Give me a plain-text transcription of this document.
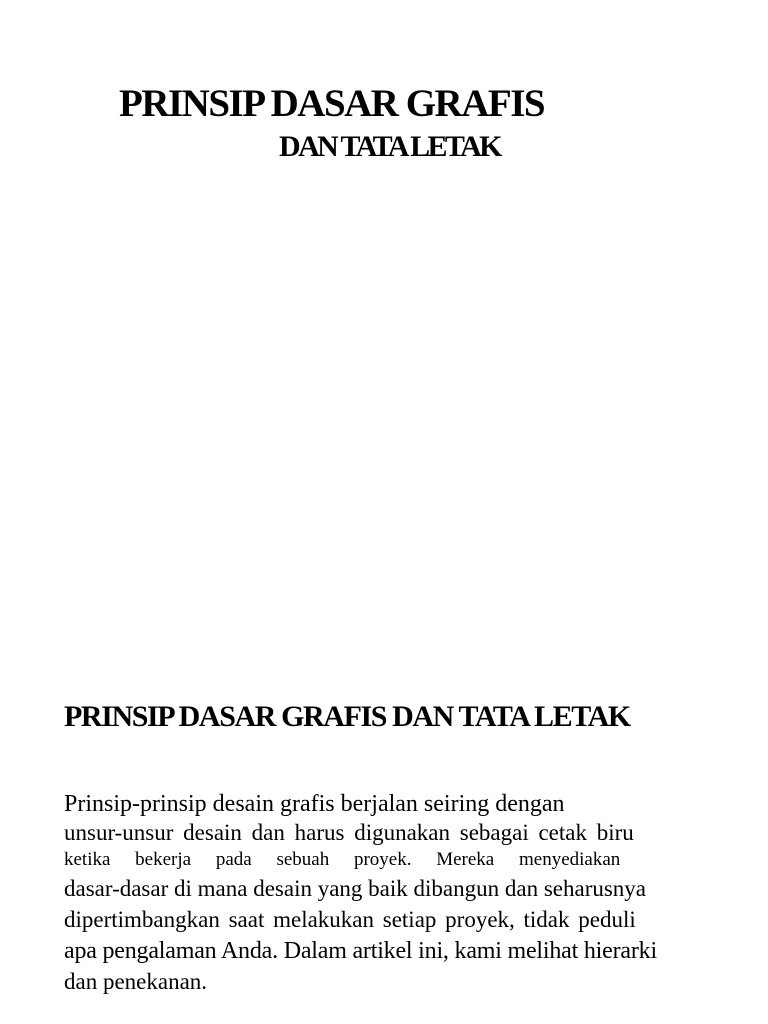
PRINSIP DASAR GRAFIS
DAN TATA LETAK
PRINSIP DASAR GRAFIS DAN TATA LETAK
Prinsip-prinsip desain grafis berjalan seiring dengan
unsur-unsur desain dan harus digunakan sebagai cetak biru
ketika bekerja pada sebuah proyek. Mereka menyediakan
dasar-dasar di mana desain yang baik dibangun dan seharusnya
dipertimbangkan saat melakukan setiap proyek, tidak peduli
apa pengalaman Anda. Dalam artikel ini, kami melihat hierarki
dan penekanan.
